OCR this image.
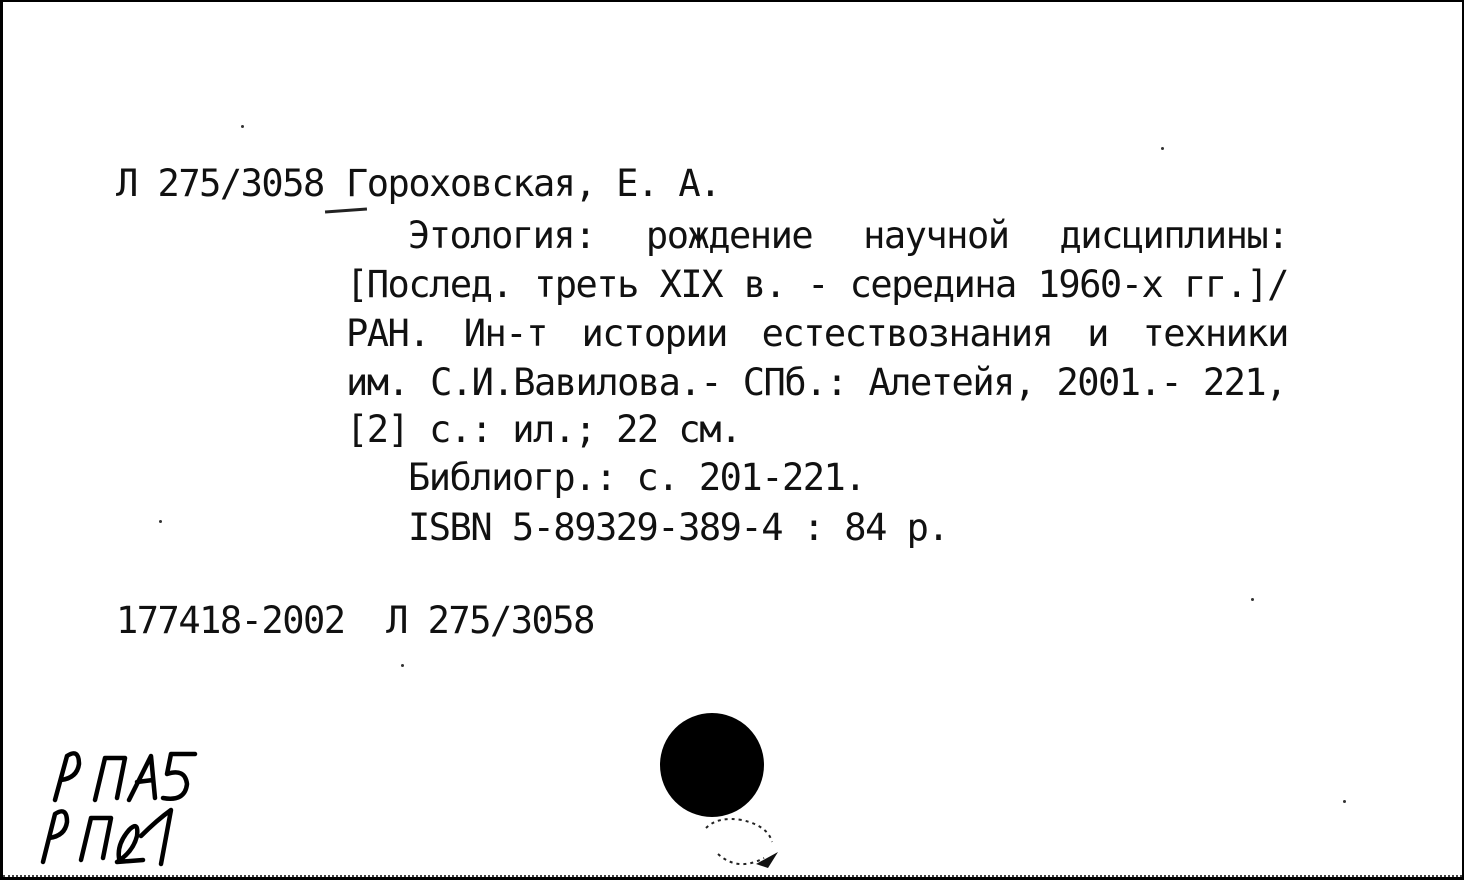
Л 275/3058 Гороховская, Е. А.
Этология: рождение научной дисциплины:
[Послед. треть XIX в. - середина 1960-х гг.]/
РАН. Ин-т истории естествознания и техники
им. С.И.Вавилова.- СПб.: Алетейя, 2001.- 221,
[2] с.: ил.; 22 см.
Библиогр.: с. 201-221.
ISBN 5-89329-389-4 : 84 р.
177418-2002  Л 275/3058
